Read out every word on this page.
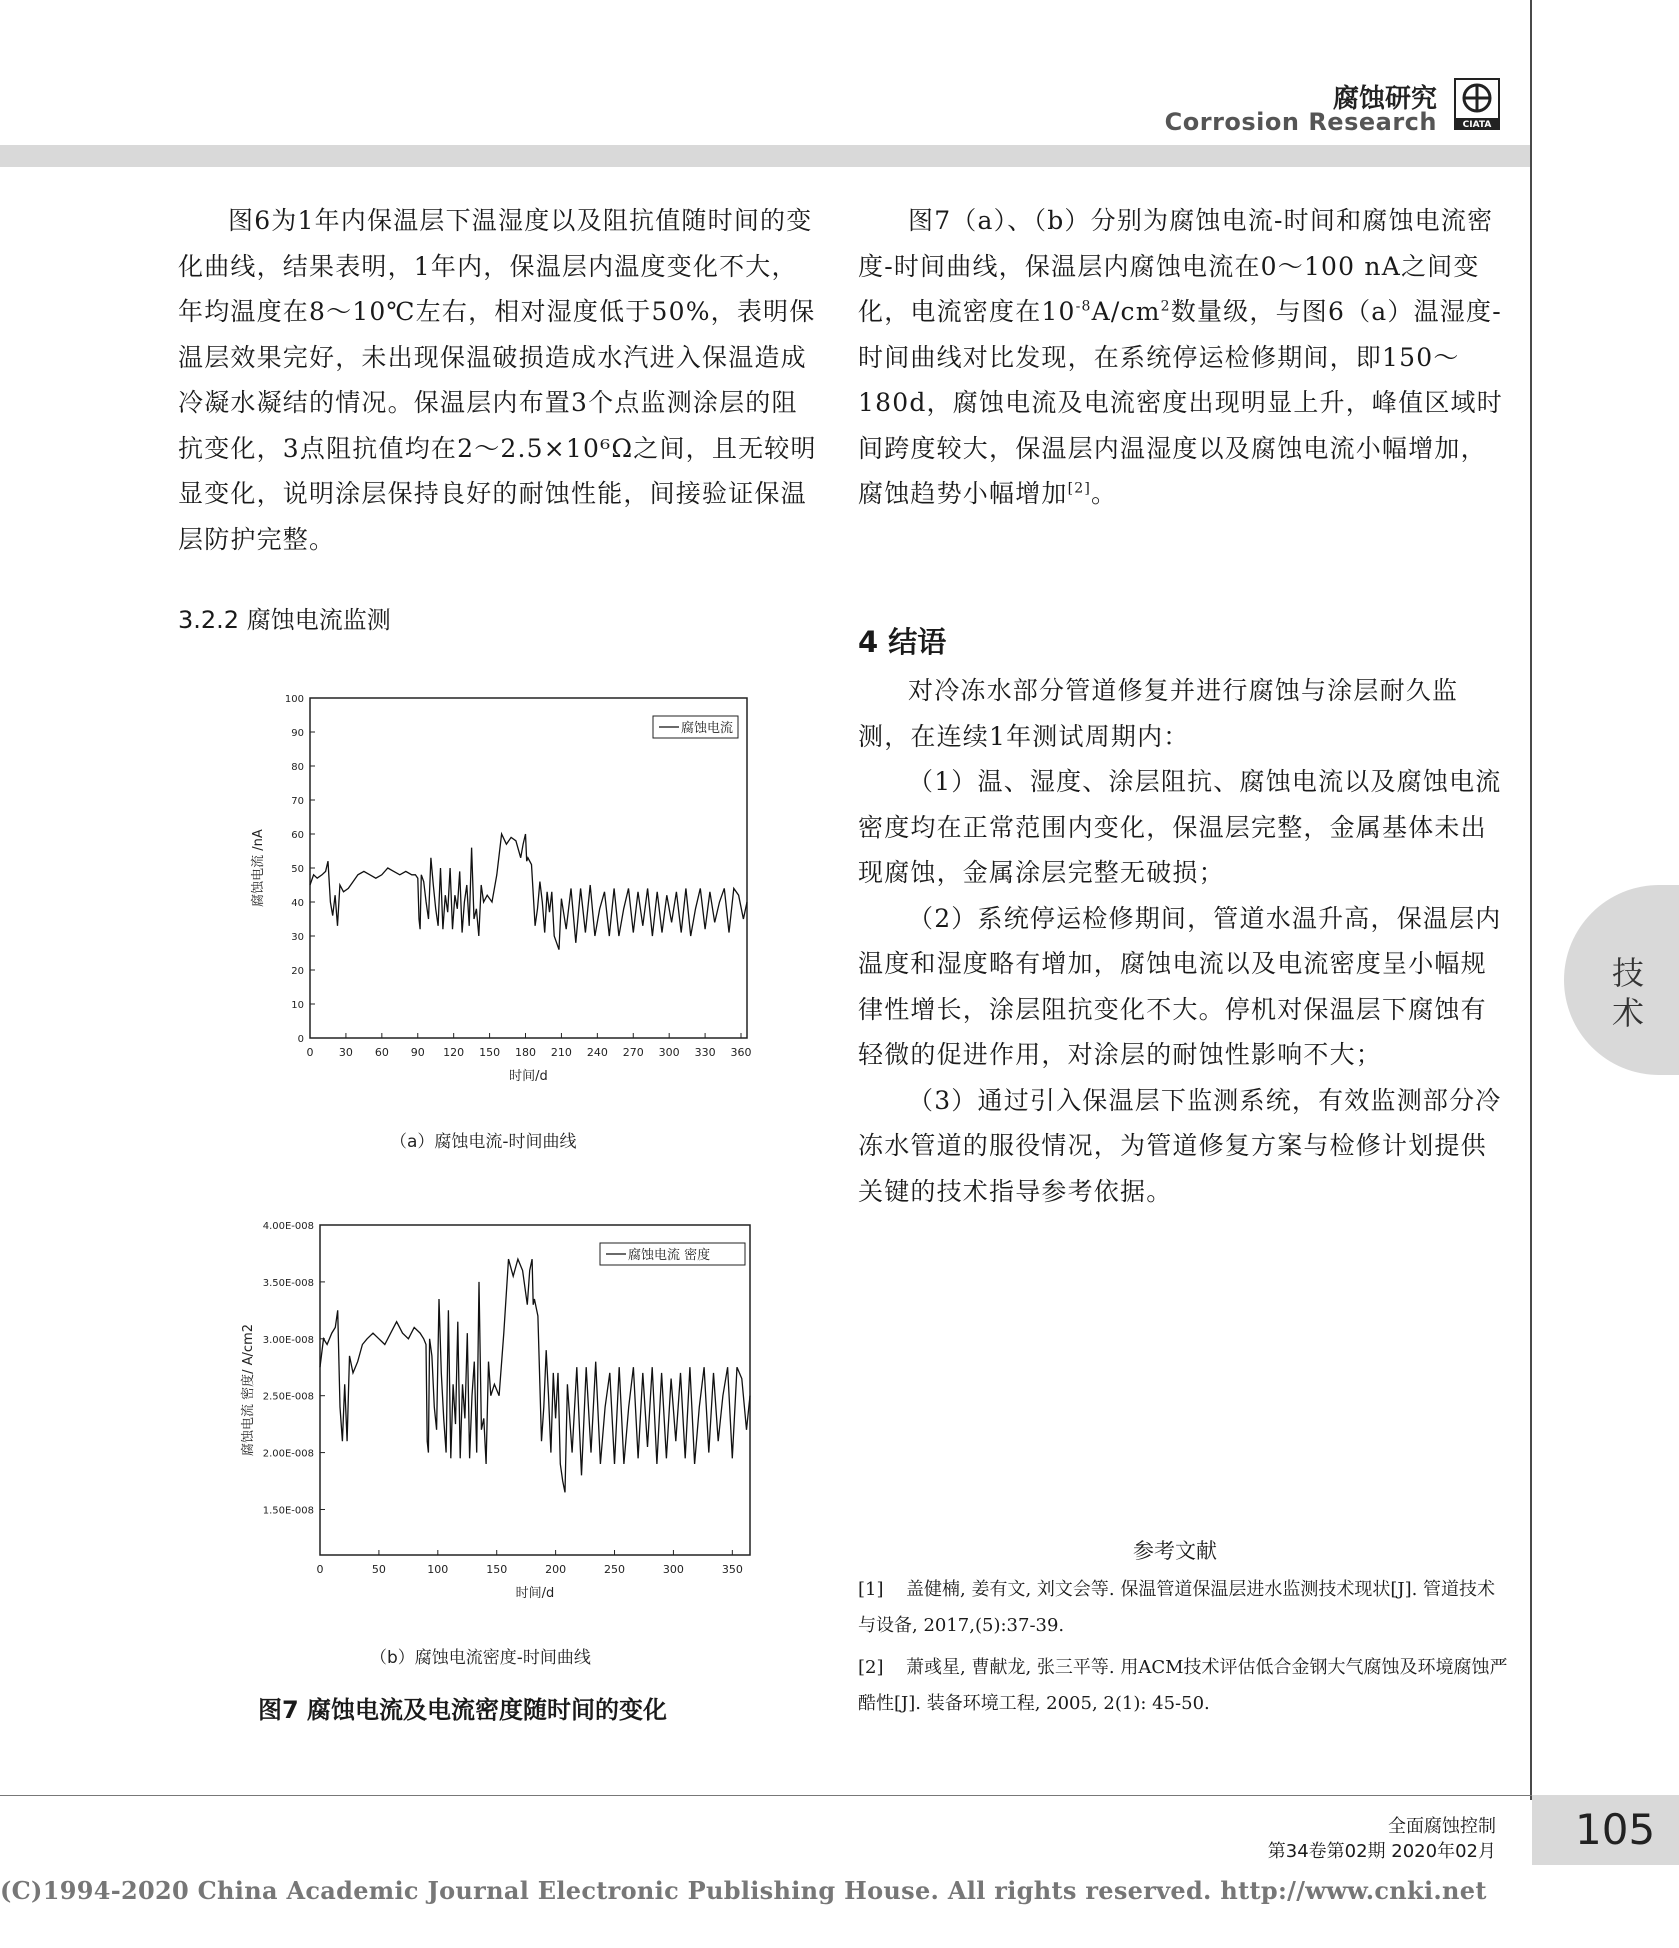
腐蚀研究
Corrosion Research	CIATA
技
术

图6为1年内保温层下温湿度以及阻抗值随时间的变化曲线，结果表明，1年内，保温层内温度变化不大，年均温度在8～10℃左右，相对湿度低于50%，表明保温层效果完好，未出现保温破损造成水汽进入保温造成冷凝水凝结的情况。保温层内布置3个点监测涂层的阻抗变化，3点阻抗值均在2～2.5×10⁶Ω之间，且无较明显变化，说明涂层保持良好的耐蚀性能，间接验证保温层防护完整。

3.2.2 腐蚀电流监测
0
10
20
30
40
50
60
70
80
90
100
0 30 60 90 120 150 180 210 240 270 300 330 360
时间/d
腐蚀电流 /nA
腐蚀电流
（a）腐蚀电流-时间曲线
1.50E-008
2.00E-008
2.50E-008
3.00E-008
3.50E-008
4.00E-008
0	50	100	150	200	250	300	350
时间/d
腐蚀电流 密度/ A/cm2
腐蚀电流 密度
（b）腐蚀电流密度-时间曲线
图7 腐蚀电流及电流密度随时间的变化

图7（a）、（b）分别为腐蚀电流-时间和腐蚀电流密度-时间曲线，保温层内腐蚀电流在0～100 nA之间变化，电流密度在$10^{-8}A/cm^2$数量级，与图6（a）温湿度-时间曲线对比发现，在系统停运检修期间，即150～180d，腐蚀电流及电流密度出现明显上升，峰值区域时间跨度较大，保温层内温湿度以及腐蚀电流小幅增加，腐蚀趋势小幅增加[2]。

4 结语

对冷冻水部分管道修复并进行腐蚀与涂层耐久监测，在连续1年测试周期内：

（1）温、湿度、涂层阻抗、腐蚀电流以及腐蚀电流密度均在正常范围内变化，保温层完整，金属基体未出现腐蚀，金属涂层完整无破损；

（2）系统停运检修期间，管道水温升高，保温层内温度和湿度略有增加，腐蚀电流以及电流密度呈小幅规律性增长，涂层阻抗变化不大。停机对保温层下腐蚀有轻微的促进作用，对涂层的耐蚀性影响不大；

（3）通过引入保温层下监测系统，有效监测部分冷冻水管道的服役情况，为管道修复方案与检修计划提供关键的技术指导参考依据。

参考文献
[1] 盖健楠, 姜有文, 刘文会等. 保温管道保温层进水监测技术现状[J]. 管道技术与设备, 2017,(5):37-39.
[2] 萧彧星, 曹献龙, 张三平等. 用ACM技术评估低合金钢大气腐蚀及环境腐蚀严酷性[J]. 装备环境工程, 2005, 2(1): 45-50.
105
全面腐蚀控制
第34卷第02期 2020年02月
(C)1994-2020 China Academic Journal Electronic Publishing House. All rights reserved. http://www.cnki.net
